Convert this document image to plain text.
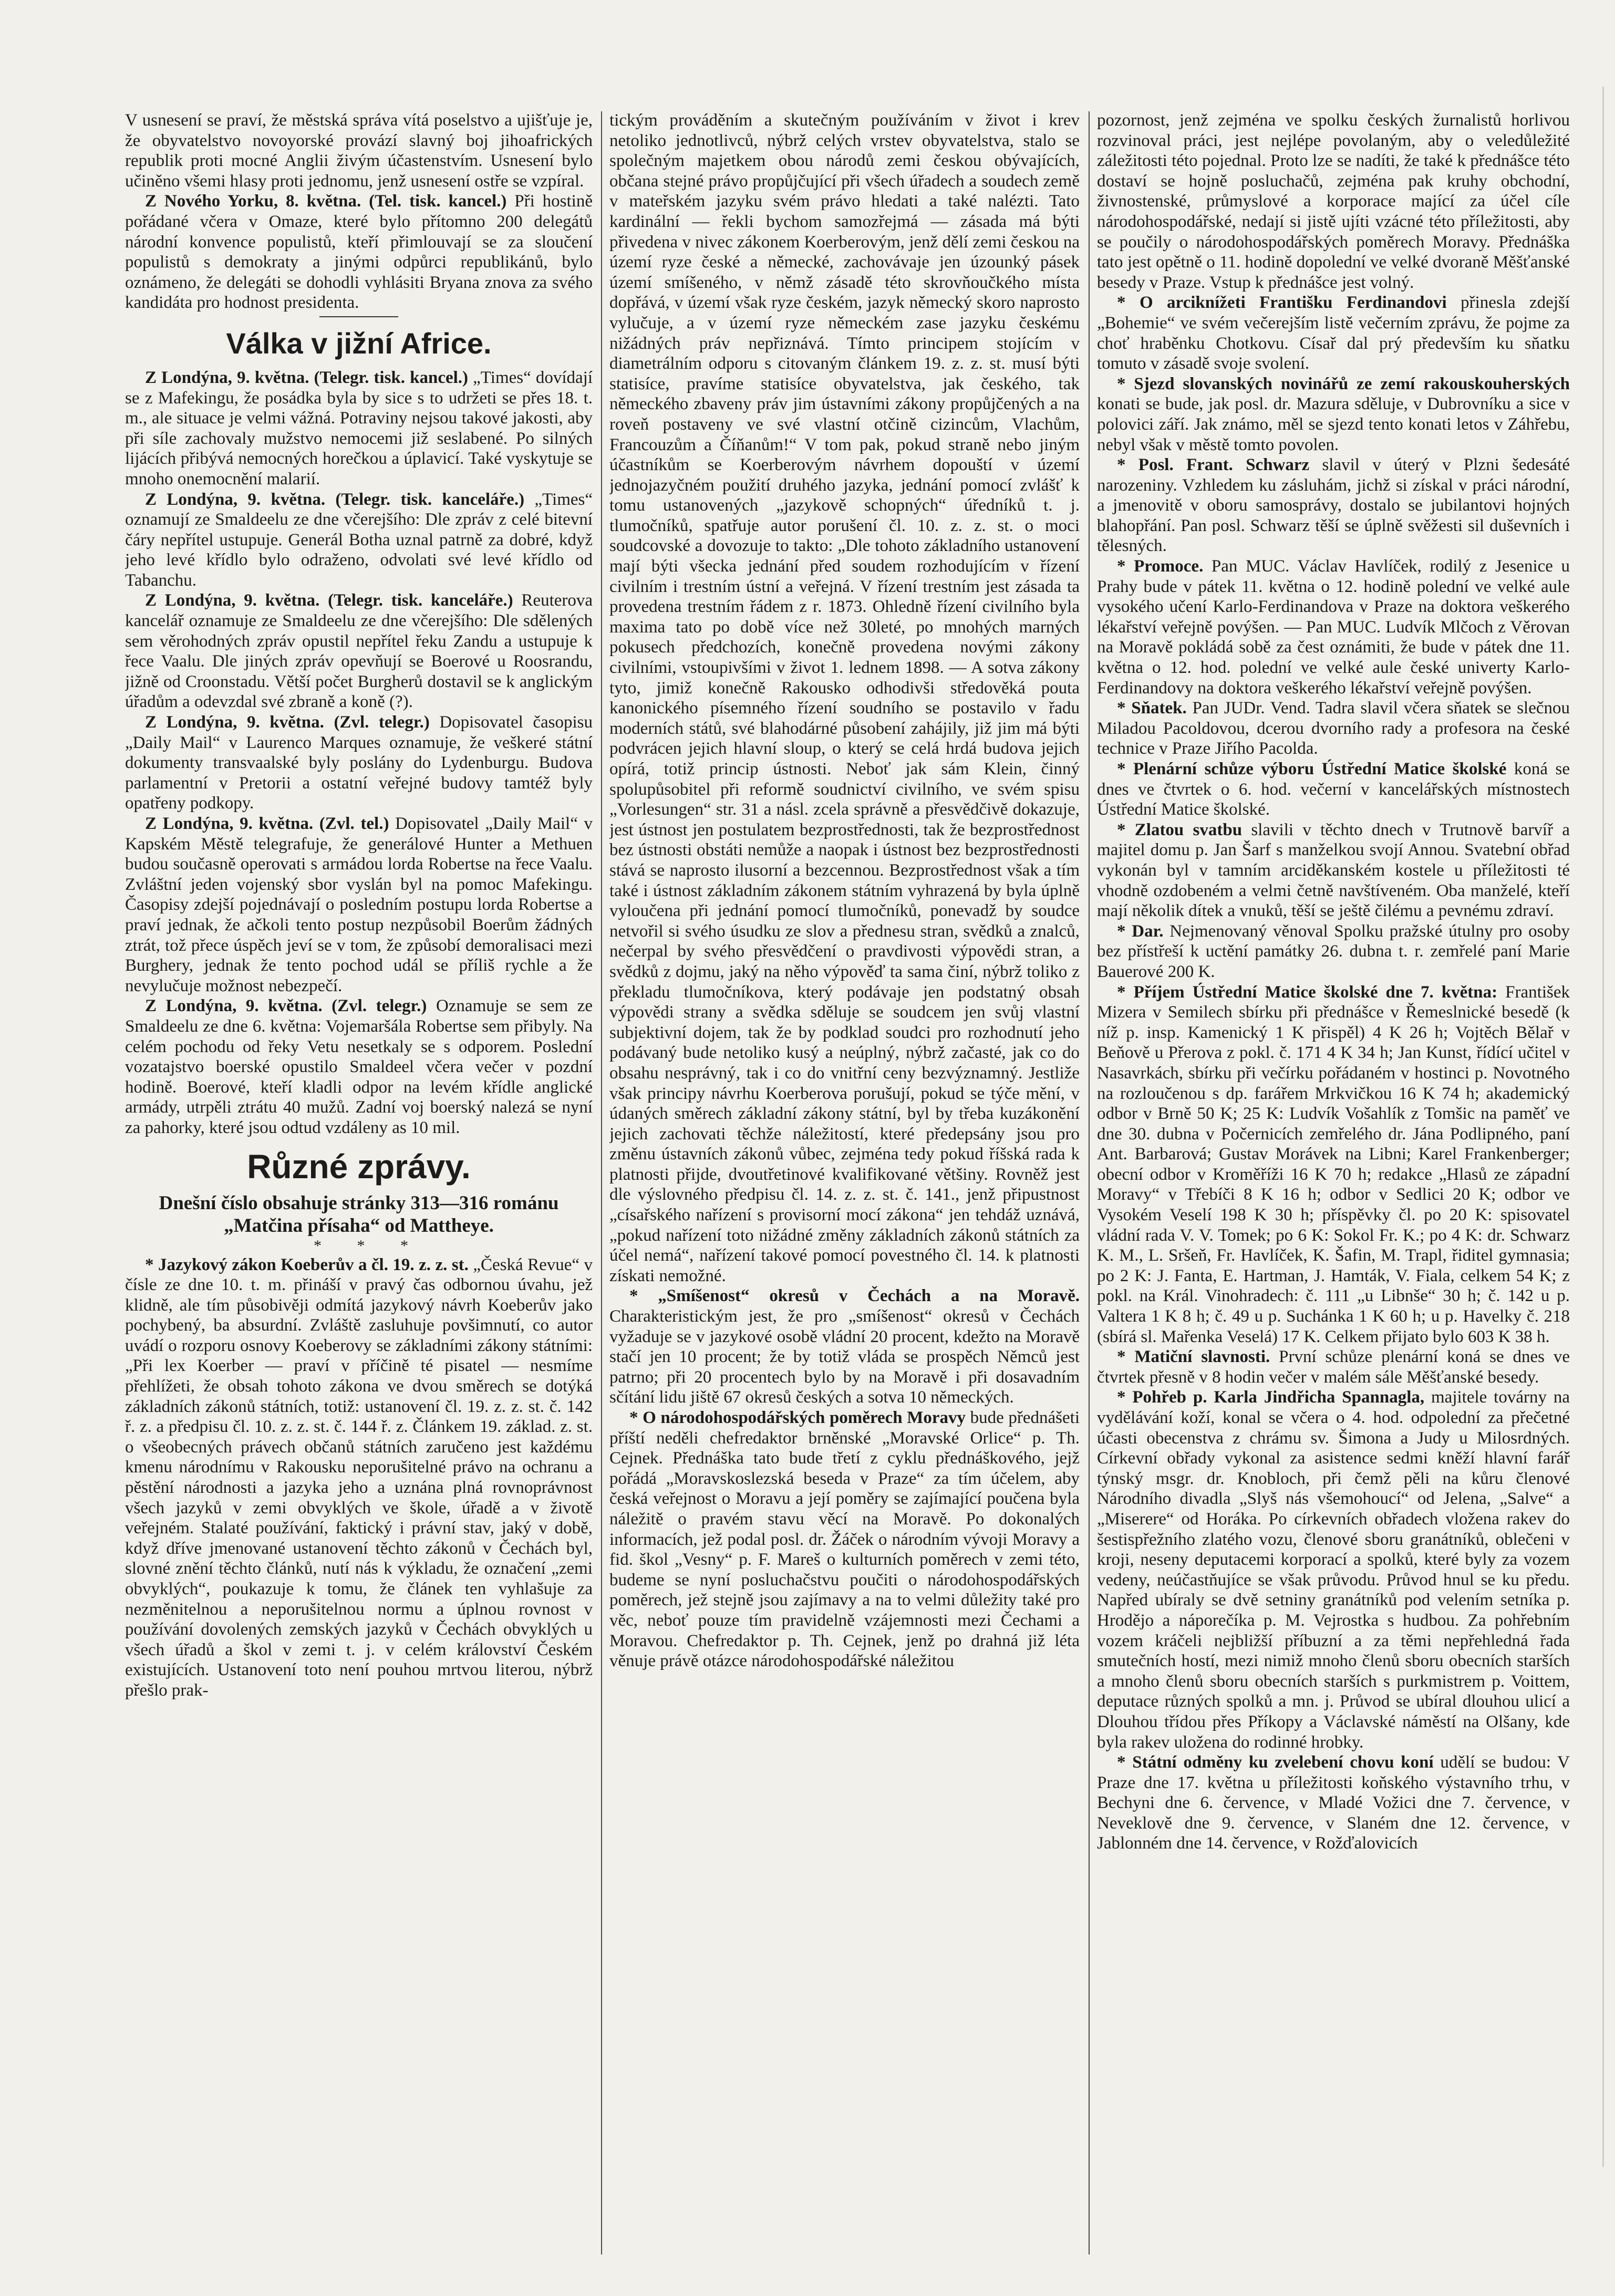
V usnesení se praví, že městská správa vítá poselstvo a ujišťuje je, že obyvatelstvo novoyorské provází slavný boj jihoafrických republik proti mocné Anglii živým účastenstvím. Usnesení bylo učiněno všemi hlasy proti jednomu, jenž usnesení ostře se vzpíral.

Z Nového Yorku, 8. května. (Tel. tisk. kancel.) Při hostině pořádané včera v Omaze, které bylo přítomno 200 delegátů národní konvence populistů, kteří přimlouvají se za sloučení populistů s demokraty a jinými odpůrci republikánů, bylo oznámeno, že delegáti se dohodli vyhlásiti Bryana znova za svého kandidáta pro hodnost presidenta.

Válka v jižní Africe.

Z Londýna, 9. května. (Telegr. tisk. kancel.) „Times“ dovídají se z Mafekingu, že posádka byla by sice s to udržeti se přes 18. t. m., ale situace je velmi vážná. Potraviny nejsou takové jakosti, aby při síle zachovaly mužstvo nemocemi již seslabené. Po silných lijácích přibývá nemocných horečkou a úplavicí. Také vyskytuje se mnoho onemocnění malarií.

Z Londýna, 9. května. (Telegr. tisk. kanceláře.) „Times“ oznamují ze Smaldeelu ze dne včerejšího: Dle zpráv z celé bitevní čáry nepřítel ustupuje. Generál Botha uznal patrně za dobré, když jeho levé křídlo bylo odraženo, odvolati své levé křídlo od Tabanchu.

Z Londýna, 9. května. (Telegr. tisk. kanceláře.) Reuterova kancelář oznamuje ze Smaldeelu ze dne včerejšího: Dle sdělených sem věrohodných zpráv opustil nepřítel řeku Zandu a ustupuje k řece Vaalu. Dle jiných zpráv opevňují se Boerové u Roosrandu, jižně od Croonstadu. Větší počet Burgherů dostavil se k anglickým úřadům a odevzdal své zbraně a koně (?).

Z Londýna, 9. května. (Zvl. telegr.) Dopisovatel časopisu „Daily Mail“ v Laurenco Marques oznamuje, že veškeré státní dokumenty transvaalské byly poslány do Lydenburgu. Budova parlamentní v Pretorii a ostatní veřejné budovy tamtéž byly opatřeny podkopy.

Z Londýna, 9. května. (Zvl. tel.) Dopisovatel „Daily Mail“ v Kapském Městě telegrafuje, že generálové Hunter a Methuen budou současně operovati s armádou lorda Robertse na řece Vaalu. Zvláštní jeden vojenský sbor vyslán byl na pomoc Mafekingu. Časopisy zdejší pojednávají o posledním postupu lorda Robertse a praví jednak, že ačkoli tento postup nezpůsobil Boerům žádných ztrát, tož přece úspěch jeví se v tom, že způsobí demoralisaci mezi Burghery, jednak že tento pochod udál se příliš rychle a že nevylučuje možnost nebezpečí.

Z Londýna, 9. května. (Zvl. telegr.) Oznamuje se sem ze Smaldeelu ze dne 6. května: Vojemaršála Robertse sem přibyly. Na celém pochodu od řeky Vetu nesetkaly se s odporem. Poslední vozatajstvo boerské opustilo Smaldeel včera večer v pozdní hodině. Boerové, kteří kladli odpor na levém křídle anglické armády, utrpěli ztrátu 40 mužů. Zadní voj boerský nalezá se nyní za pahorky, které jsou odtud vzdáleny as 10 mil.

Různé zprávy.

Dnešní číslo obsahuje stránky 313—316 románu „Matčina přísaha“ od Mattheye.

* * *

* Jazykový zákon Koeberův a čl. 19. z. z. st. „Česká Revue“ v čísle ze dne 10. t. m. přináší v pravý čas odbornou úvahu, jež klidně, ale tím působivěji odmítá jazykový návrh Koeberův jako pochybený, ba absurdní. Zvláště zasluhuje povšimnutí, co autor uvádí o rozporu osnovy Koeberovy se základními zákony státními: „Při lex Koerber — praví v příčině té pisatel — nesmíme přehlížeti, že obsah tohoto zákona ve dvou směrech se dotýká základních zákonů státních, totiž: ustanovení čl. 19. z. z. st. č. 142 ř. z. a předpisu čl. 10. z. z. st. č. 144 ř. z. Článkem 19. základ. z. st. o všeobecných právech občanů státních zaručeno jest každému kmenu národnímu v Rakousku neporušitelné právo na ochranu a pěstění národnosti a jazyka jeho a uznána plná rovnoprávnost všech jazyků v zemi obvyklých ve škole, úřadě a v životě veřejném. Stalaté používání, faktický i právní stav, jaký v době, když dříve jmenované ustanovení těchto zákonů v Čechách byl, slovné znění těchto článků, nutí nás k výkladu, že označení „zemi obvyklých“, poukazuje k tomu, že článek ten vyhlašuje za nezměnitelnou a neporušitelnou normu a úplnou rovnost v používání dovolených zemských jazyků v Čechách obvyklých u všech úřadů a škol v zemi t. j. v celém království Českém existujících. Ustanovení toto není pouhou mrtvou literou, nýbrž přešlo prak-

tickým prováděním a skutečným používáním v život i krev netoliko jednotlivců, nýbrž celých vrstev obyvatelstva, stalo se společným majetkem obou národů zemi českou obývajících, občana stejné právo propůjčující při všech úřadech a soudech země v mateřském jazyku svém právo hledati a také nalézti. Tato kardinální — řekli bychom samozřejmá — zásada má býti přivedena v nivec zákonem Koerberovým, jenž dělí zemi českou na území ryze české a německé, zachovávaje jen úzounký pásek území smíšeného, v němž zásadě této skrovňoučkého místa dopřává, v území však ryze českém, jazyk německý skoro naprosto vylučuje, a v území ryze německém zase jazyku českému nižádných práv nepřiznává. Tímto principem stojícím v diametrálním odporu s citovaným článkem 19. z. z. st. musí býti statisíce, pravíme statisíce obyvatelstva, jak českého, tak německého zbaveny práv jim ústavními zákony propůjčených a na roveň postaveny ve své vlastní otčině cizincům, Vlachům, Francouzům a Číňanům!“ V tom pak, pokud straně nebo jiným účastníkům se Koerberovým návrhem dopouští v území jednojazyčném použití druhého jazyka, jednání pomocí zvlášť k tomu ustanovených „jazykově schopných“ úředníků t. j. tlumočníků, spatřuje autor porušení čl. 10. z. z. st. o moci soudcovské a dovozuje to takto: „Dle tohoto základního ustanovení mají býti všecka jednání před soudem rozhodujícím v řízení civilním i trestním ústní a veřejná. V řízení trestním jest zásada ta provedena trestním řádem z r. 1873. Ohledně řízení civilního byla maxima tato po době více než 30leté, po mnohých marných pokusech předchozích, konečně provedena novými zákony civilními, vstoupivšími v život 1. lednem 1898. — A sotva zákony tyto, jimiž konečně Rakousko odhodivši středověká pouta kanonického písemného řízení soudního se postavilo v řadu moderních států, své blahodárné působení zahájily, již jim má býti podvrácen jejich hlavní sloup, o který se celá hrdá budova jejich opírá, totiž princip ústnosti. Neboť jak sám Klein, činný spolupůsobitel při reformě soudnictví civilního, ve svém spisu „Vorlesungen“ str. 31 a násl. zcela správně a přesvědčivě dokazuje, jest ústnost jen postulatem bezprostřednosti, tak že bezprostřednost bez ústnosti obstáti nemůže a naopak i ústnost bez bezprostřednosti stává se naprosto ilusorní a bezcennou. Bezprostřednost však a tím také i ústnost základním zákonem státním vyhrazená by byla úplně vyloučena při jednání pomocí tlumočníků, ponevadž by soudce netvořil si svého úsudku ze slov a přednesu stran, svědků a znalců, nečerpal by svého přesvědčení o pravdivosti výpovědi stran, a svědků z dojmu, jaký na něho výpověď ta sama činí, nýbrž toliko z překladu tlumočníkova, který podávaje jen podstatný obsah výpovědi strany a svědka sděluje se soudcem jen svůj vlastní subjektivní dojem, tak že by podklad soudci pro rozhodnutí jeho podávaný bude netoliko kusý a neúplný, nýbrž začasté, jak co do obsahu nesprávný, tak i co do vnitřní ceny bezvýznamný. Jestliže však principy návrhu Koerberova porušují, pokud se týče mění, v údaných směrech základní zákony státní, byl by třeba kuzákonění jejich zachovati těchže náležitostí, které předepsány jsou pro změnu ústavních zákonů vůbec, zejména tedy pokud říšská rada k platnosti přijde, dvoutřetinové kvalifikované většiny. Rovněž jest dle výslovného předpisu čl. 14. z. z. st. č. 141., jenž připustnost „císařského nařízení s provisorní mocí zákona“ jen tehdáž uznává, „pokud nařízení toto nižádné změny základních zákonů státních za účel nemá“, nařízení takové pomocí povestného čl. 14. k platnosti získati nemožné.

* „Smíšenost“ okresů v Čechách a na Moravě. Charakteristickým jest, že pro „smíšenost“ okresů v Čechách vyžaduje se v jazykové osobě vládní 20 procent, kdežto na Moravě stačí jen 10 procent; že by totiž vláda se prospěch Němců jest patrno; při 20 procentech bylo by na Moravě i při dosavadním sčítání lidu jiště 67 okresů českých a sotva 10 německých.

* O národohospodářských poměrech Moravy bude přednášeti příští neděli chefredaktor brněnské „Moravské Orlice“ p. Th. Cejnek. Přednáška tato bude třetí z cyklu přednáškového, jejž pořádá „Moravskoslezská beseda v Praze“ za tím účelem, aby česká veřejnost o Moravu a její poměry se zajímající poučena byla náležitě o pravém stavu věcí na Moravě. Po dokonalých informacích, jež podal posl. dr. Žáček o národním vývoji Moravy a fid. škol „Vesny“ p. F. Mareš o kulturních poměrech v zemi této, budeme se nyní posluchačstvu poučiti o národohospodářských poměrech, jež stejně jsou zajímavy a na to velmi důležity také pro věc, neboť pouze tím pravidelně vzájemnosti mezi Čechami a Moravou. Chefredaktor p. Th. Cejnek, jenž po drahná již léta věnuje právě otázce národohospodářské náležitou

pozornost, jenž zejména ve spolku českých žurnalistů horlivou rozvinoval práci, jest nejlépe povolaným, aby o veledůležité záležitosti této pojednal. Proto lze se nadíti, že také k přednášce této dostaví se hojně posluchačů, zejména pak kruhy obchodní, živnostenské, průmyslové a korporace mající za účel cíle národohospodářské, nedají si jistě ujíti vzácné této příležitosti, aby se poučily o národohospodářských poměrech Moravy. Přednáška tato jest opětně o 11. hodině dopolední ve velké dvoraně Měšťanské besedy v Praze. Vstup k přednášce jest volný.

* O arciknížeti Františku Ferdinandovi přinesla zdejší „Bohemie“ ve svém večerejším listě večerním zprávu, že pojme za choť hraběnku Chotkovu. Císař dal prý především ku sňatku tomuto v zásadě svoje svolení.

* Sjezd slovanských novinářů ze zemí rakouskouherských konati se bude, jak posl. dr. Mazura sděluje, v Dubrovníku a sice v polovici září. Jak známo, měl se sjezd tento konati letos v Záhřebu, nebyl však v městě tomto povolen.

* Posl. Frant. Schwarz slavil v úterý v Plzni šedesáté narozeniny. Vzhledem ku zásluhám, jichž si získal v práci národní, a jmenovitě v oboru samosprávy, dostalo se jubilantovi hojných blahopřání. Pan posl. Schwarz těší se úplně svěžesti sil duševních i tělesných.

* Promoce. Pan MUC. Václav Havlíček, rodilý z Jesenice u Prahy bude v pátek 11. května o 12. hodině polední ve velké aule vysokého učení Karlo-Ferdinandova v Praze na doktora veškerého lékařství veřejně povýšen. — Pan MUC. Ludvík Mlčoch z Věrovan na Moravě pokládá sobě za čest oznámiti, že bude v pátek dne 11. května o 12. hod. polední ve velké aule české univerty Karlo-Ferdinandovy na doktora veškerého lékařství veřejně povýšen.

* Sňatek. Pan JUDr. Vend. Tadra slavil včera sňatek se slečnou Miladou Pacoldovou, dcerou dvorního rady a profesora na české technice v Praze Jiřího Pacolda.

* Plenární schůze výboru Ústřední Matice školské koná se dnes ve čtvrtek o 6. hod. večerní v kancelářských místnostech Ústřední Matice školské.

* Zlatou svatbu slavili v těchto dnech v Trutnově barvíř a majitel domu p. Jan Šarf s manželkou svojí Annou. Svatební obřad vykonán byl v tamním arciděkanském kostele u příležitosti té vhodně ozdobeném a velmi četně navštíveném. Oba manželé, kteří mají několik dítek a vnuků, těší se ještě čilému a pevnému zdraví.

* Dar. Nejmenovaný věnoval Spolku pražské útulny pro osoby bez přístřeší k uctění památky 26. dubna t. r. zemřelé paní Marie Bauerové 200 K.

* Příjem Ústřední Matice školské dne 7. května: František Mizera v Semilech sbírku při přednášce v Řemeslnické besedě (k níž p. insp. Kamenický 1 K přispěl) 4 K 26 h; Vojtěch Bělař v Beňově u Přerova z pokl. č. 171 4 K 34 h; Jan Kunst, řídící učitel v Nasavrkách, sbírku při večírku pořádaném v hostinci p. Novotného na rozloučenou s dp. farářem Mrkvičkou 16 K 74 h; akademický odbor v Brně 50 K; 25 K: Ludvík Vošahlík z Tomšic na paměť ve dne 30. dubna v Počernicích zemřelého dr. Jána Podlipného, paní Ant. Barbarová; Gustav Morávek na Libni; Karel Frankenberger; obecní odbor v Kroměříži 16 K 70 h; redakce „Hlasů ze západní Moravy“ v Třebíči 8 K 16 h; odbor v Sedlici 20 K; odbor ve Vysokém Veselí 198 K 30 h; příspěvky čl. po 20 K: spisovatel vládní rada V. V. Tomek; po 6 K: Sokol Fr. K.; po 4 K: dr. Schwarz K. M., L. Sršeň, Fr. Havlíček, K. Šafin, M. Trapl, řiditel gymnasia; po 2 K: J. Fanta, E. Hartman, J. Hamták, V. Fiala, celkem 54 K; z pokl. na Král. Vinohradech: č. 111 „u Libnše“ 30 h; č. 142 u p. Valtera 1 K 8 h; č. 49 u p. Suchánka 1 K 60 h; u p. Havelky č. 218 (sbírá sl. Mařenka Veselá) 17 K. Celkem přijato bylo 603 K 38 h.

* Matiční slavnosti. První schůze plenární koná se dnes ve čtvrtek přesně v 8 hodin večer v malém sále Měšťanské besedy.

* Pohřeb p. Karla Jindřicha Spannagla, majitele továrny na vydělávání koží, konal se včera o 4. hod. odpolední za přečetné účasti obecenstva z chrámu sv. Šimona a Judy u Milosrdných. Církevní obřady vykonal za asistence sedmi kněží hlavní farář týnský msgr. dr. Knobloch, při čemž pěli na kůru členové Národního divadla „Slyš nás všemohoucí“ od Jelena, „Salve“ a „Miserere“ od Horáka. Po církevních obřadech vložena rakev do šestispřežního zlatého vozu, členové sboru granátníků, oblečeni v kroji, neseny deputacemi korporací a spolků, které byly za vozem vedeny, neúčastňujíce se však průvodu. Průvod hnul se ku předu. Napřed ubíraly se dvě setniny granátníků pod velením setníka p. Hrodějo a náporečíka p. M. Vejrostka s hudbou. Za pohřebním vozem kráčeli nejbližší příbuzní a za těmi nepřehledná řada smutečních hostí, mezi nimiž mnoho členů sboru obecních starších a mnoho členů sboru obecních starších s purkmistrem p. Voittem, deputace různých spolků a mn. j. Průvod se ubíral dlouhou ulicí a Dlouhou třídou přes Příkopy a Václavské náměstí na Olšany, kde byla rakev uložena do rodinné hrobky.

* Státní odměny ku zvelebení chovu koní udělí se budou: V Praze dne 17. května u příležitosti koňského výstavního trhu, v Bechyni dne 6. července, v Mladé Vožici dne 7. července, v Neveklově dne 9. července, v Slaném dne 12. července, v Jablonném dne 14. července, v Rožďalovicích
